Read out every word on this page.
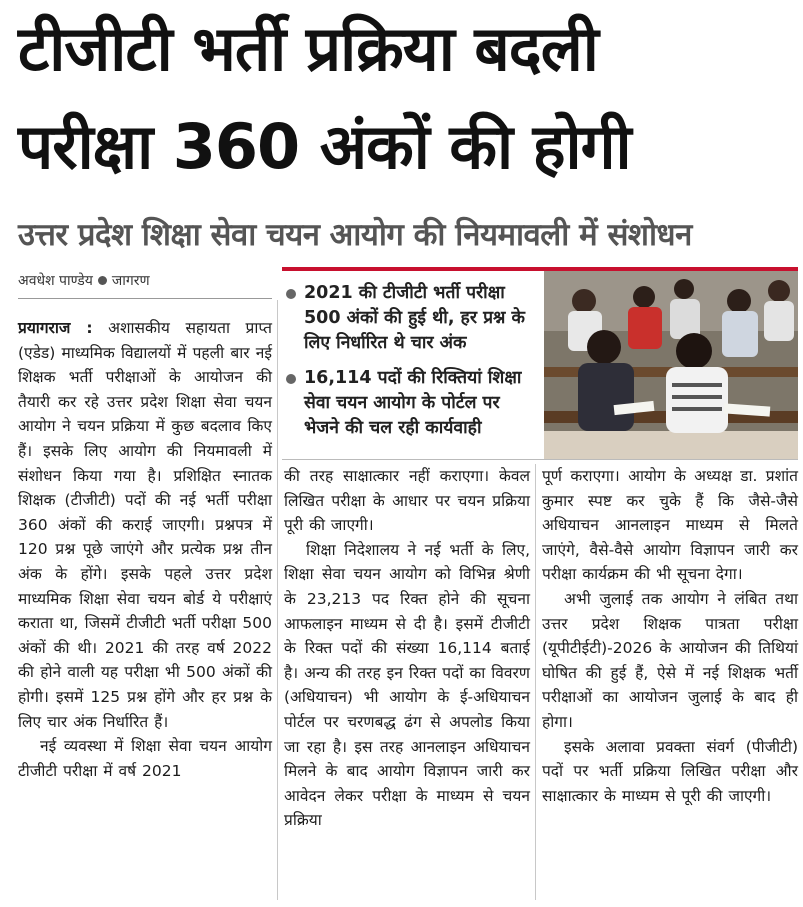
टीजीटी भर्ती प्रक्रिया बदली
परीक्षा 360 अंकों की होगी
उत्तर प्रदेश शिक्षा सेवा चयन आयोग की नियमावली में संशोधन
अवधेश पाण्डेय जागरण
2021 की टीजीटी भर्ती परीक्षा 500 अंकों की हुई थी, हर प्रश्न के लिए निर्धारित थे चार अंक
16,114 पदों की रिक्तियां शिक्षा सेवा चयन आयोग के पोर्टल पर भेजने की चल रही कार्यवाही

प्रयागराज : अशासकीय सहायता प्राप्त (एडेड) माध्यमिक विद्यालयों में पहली बार नई शिक्षक भर्ती परीक्षाओं के आयोजन की तैयारी कर रहे उत्तर प्रदेश शिक्षा सेवा चयन आयोग ने चयन प्रक्रिया में कुछ बदलाव किए हैं। इसके लिए आयोग की नियमावली में संशोधन किया गया है। प्रशिक्षित स्नातक शिक्षक (टीजीटी) पदों की नई भर्ती परीक्षा 360 अंकों की कराई जाएगी। प्रश्नपत्र में 120 प्रश्न पूछे जाएंगे और प्रत्येक प्रश्न तीन अंक के होंगे। इसके पहले उत्तर प्रदेश माध्यमिक शिक्षा सेवा चयन बोर्ड ये परीक्षाएं कराता था, जिसमें टीजीटी भर्ती परीक्षा 500 अंकों की थी। 2021 की तरह वर्ष 2022 की होने वाली यह परीक्षा भी 500 अंकों की होगी। इसमें 125 प्रश्न होंगे और हर प्रश्न के लिए चार अंक निर्धारित हैं।

नई व्यवस्था में शिक्षा सेवा चयन आयोग टीजीटी परीक्षा में वर्ष 2021

की तरह साक्षात्कार नहीं कराएगा। केवल लिखित परीक्षा के आधार पर चयन प्रक्रिया पूरी की जाएगी।

शिक्षा निदेशालय ने नई भर्ती के लिए, शिक्षा सेवा चयन आयोग को विभिन्न श्रेणी के 23,213 पद रिक्त होने की सूचना आफलाइन माध्यम से दी है। इसमें टीजीटी के रिक्त पदों की संख्या 16,114 बताई है। अन्य की तरह इन रिक्त पदों का विवरण (अधियाचन) भी आयोग के ई-अधियाचन पोर्टल पर चरणबद्ध ढंग से अपलोड किया जा रहा है। इस तरह आनलाइन अधियाचन मिलने के बाद आयोग विज्ञापन जारी कर आवेदन लेकर परीक्षा के माध्यम से चयन प्रक्रिया

पूर्ण कराएगा। आयोग के अध्यक्ष डा. प्रशांत कुमार स्पष्ट कर चुके हैं कि जैसे-जैसे अधियाचन आनलाइन माध्यम से मिलते जाएंगे, वैसे-वैसे आयोग विज्ञापन जारी कर परीक्षा कार्यक्रम की भी सूचना देगा।

अभी जुलाई तक आयोग ने लंबित तथा उत्तर प्रदेश शिक्षक पात्रता परीक्षा (यूपीटीईटी)-2026 के आयोजन की तिथियां घोषित की हुई हैं, ऐसे में नई शिक्षक भर्ती परीक्षाओं का आयोजन जुलाई के बाद ही होगा।

इसके अलावा प्रवक्ता संवर्ग (पीजीटी) पदों पर भर्ती प्रक्रिया लिखित परीक्षा और साक्षात्कार के माध्यम से पूरी की जाएगी।
